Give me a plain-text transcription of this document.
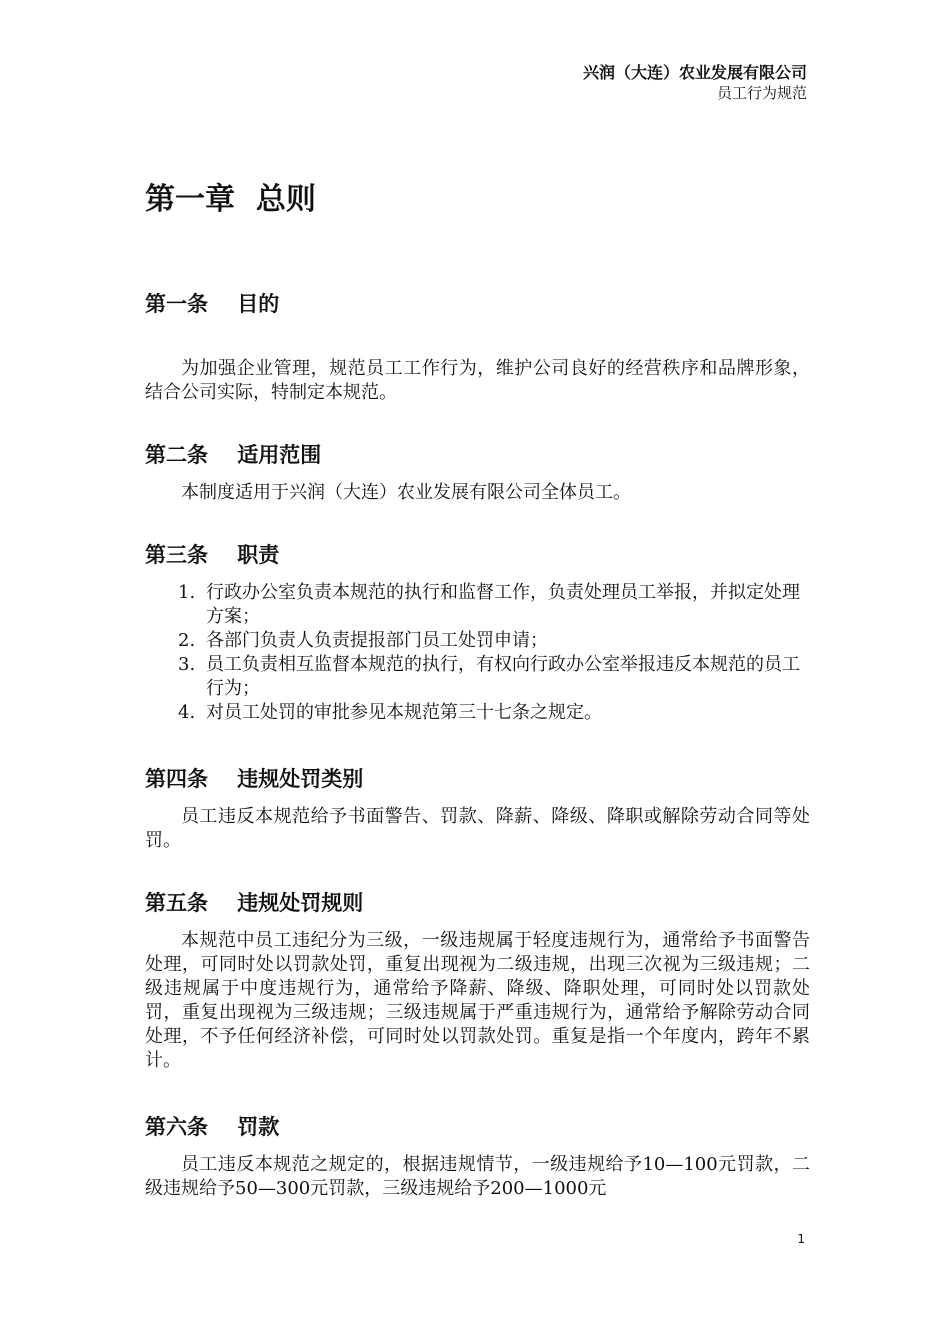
兴润（大连）农业发展有限公司
员工行为规范
第一章  总则
第一条    目的

为加强企业管理，规范员工工作行为，维护公司良好的经营秩序和品牌形象，结合公司实际，特制定本规范。

第二条    适用范围

本制度适用于兴润（大连）农业发展有限公司全体员工。

第三条    职责
1. 行政办公室负责本规范的执行和监督工作，负责处理员工举报，并拟定处理方案；
2. 各部门负责人负责提报部门员工处罚申请；
3. 员工负责相互监督本规范的执行，有权向行政办公室举报违反本规范的员工行为；
4. 对员工处罚的审批参见本规范第三十七条之规定。
第四条    违规处罚类别

员工违反本规范给予书面警告、罚款、降薪、降级、降职或解除劳动合同等处罚。

第五条    违规处罚规则

本规范中员工违纪分为三级，一级违规属于轻度违规行为，通常给予书面警告处理，可同时处以罚款处罚，重复出现视为二级违规，出现三次视为三级违规；二级违规属于中度违规行为，通常给予降薪、降级、降职处理，可同时处以罚款处罚，重复出现视为三级违规；三级违规属于严重违规行为，通常给予解除劳动合同处理，不予任何经济补偿，可同时处以罚款处罚。重复是指一个年度内，跨年不累计。

第六条    罚款

员工违反本规范之规定的，根据违规情节，一级违规给予10—100元罚款，二级违规给予50—300元罚款，三级违规给予200—1000元

1
